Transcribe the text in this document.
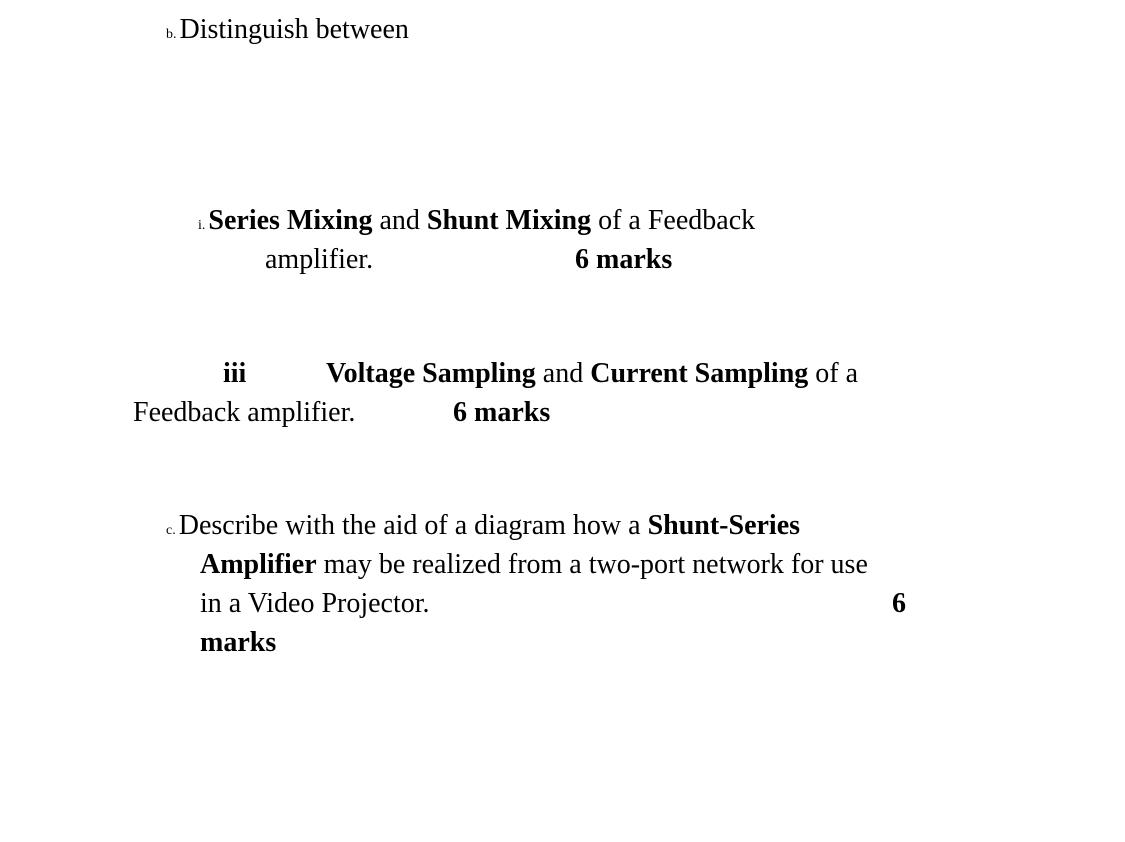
b. Distinguish between
i. Series Mixing and Shunt Mixing of a Feedback
amplifier.	6 marks
iii	Voltage Sampling and Current Sampling of a
Feedback amplifier.	6 marks
c. Describe with the aid of a diagram how a Shunt-Series
Amplifier may be realized from a two-port network for use
in a Video Projector.	6
marks
